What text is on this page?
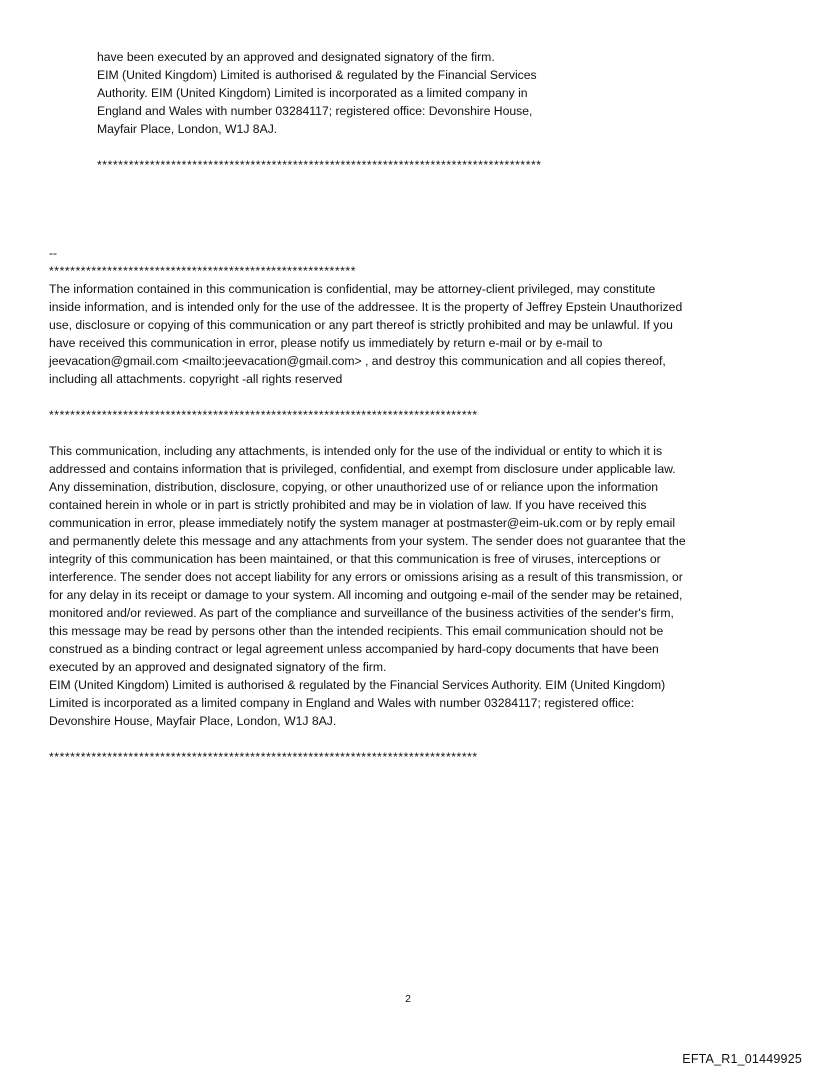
have been executed by an approved and designated signatory of the firm.
EIM (United Kingdom) Limited is authorised & regulated by the Financial Services
Authority. EIM (United Kingdom) Limited is incorporated as a limited company in
England and Wales with number 03284117; registered office: Devonshire House,
Mayfair Place, London, W1J 8AJ.
************************************************************************************
--
**********************************************************
The information contained in this communication is confidential, may be attorney-client privileged, may constitute
inside information, and is intended only for the use of the addressee. It is the property of Jeffrey Epstein Unauthorized
use, disclosure or copying of this communication or any part thereof is strictly prohibited and may be unlawful. If you
have received this communication in error, please notify us immediately by return e-mail or by e-mail to
jeevacation@gmail.com <mailto:jeevacation@gmail.com> , and destroy this communication and all copies thereof,
including all attachments. copyright -all rights reserved
*********************************************************************************
This communication, including any attachments, is intended only for the use of the individual or entity to which it is
addressed and contains information that is privileged, confidential, and exempt from disclosure under applicable law.
Any dissemination, distribution, disclosure, copying, or other unauthorized use of or reliance upon the information
contained herein in whole or in part is strictly prohibited and may be in violation of law. If you have received this
communication in error, please immediately notify the system manager at postmaster@eim-uk.com or by reply email
and permanently delete this message and any attachments from your system. The sender does not guarantee that the
integrity of this communication has been maintained, or that this communication is free of viruses, interceptions or
interference. The sender does not accept liability for any errors or omissions arising as a result of this transmission, or
for any delay in its receipt or damage to your system. All incoming and outgoing e-mail of the sender may be retained,
monitored and/or reviewed. As part of the compliance and surveillance of the business activities of the sender's firm,
this message may be read by persons other than the intended recipients. This email communication should not be
construed as a binding contract or legal agreement unless accompanied by hard-copy documents that have been
executed by an approved and designated signatory of the firm.
EIM (United Kingdom) Limited is authorised & regulated by the Financial Services Authority. EIM (United Kingdom)
Limited is incorporated as a limited company in England and Wales with number 03284117; registered office:
Devonshire House, Mayfair Place, London, W1J 8AJ.
*********************************************************************************
2
EFTA_R1_01449925
